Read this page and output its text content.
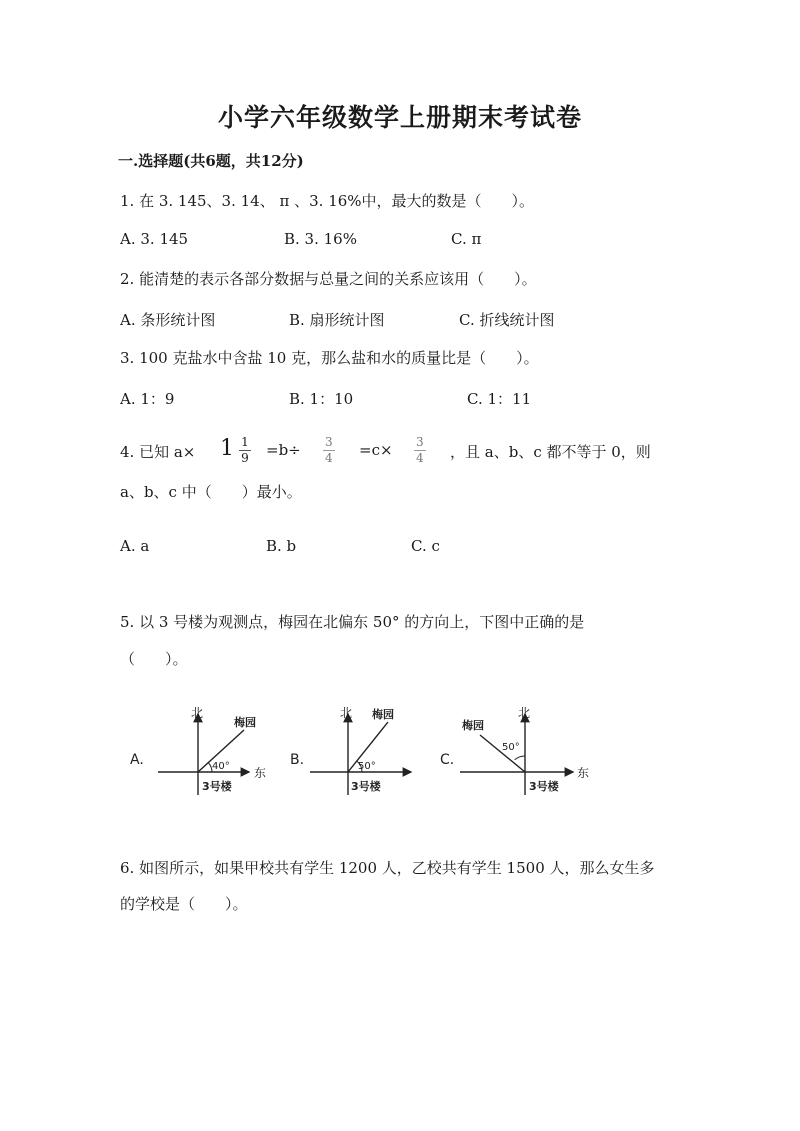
小学六年级数学上册期末考试卷
一.选择题(共6题，共12分)
1. 在 3. 145、3. 14、 π 、3. 16%中，最大的数是（　　）。
A. 3. 145	B. 3. 16%	C. π
2. 能清楚的表示各部分数据与总量之间的关系应该用（　　）。
A. 条形统计图	B. 扇形统计图	C. 折线统计图
3. 100 克盐水中含盐 10 克，那么盐和水的质量比是（　　）。
A. 1：9	B. 1：10	C. 1：11
4. 已知 $a\times 1 \frac{1}{9} =b\div \frac{3}{4} =c\times \frac{3}{4}$ ，且 a、b、c 都不等于 0，则
a、b、c 中（　　）最小。
A. a	B. b	C. c
5. 以 3 号楼为观测点，梅园在北偏东 50° 的方向上，下图中正确的是
（　　）。
A.
北
东
梅园
40°
3号楼
B.
北 梅园
50°
3号楼
C.
北
东
梅园
50°
3号楼
6. 如图所示，如果甲校共有学生 1200 人，乙校共有学生 1500 人，那么女生多
的学校是（　　）。
